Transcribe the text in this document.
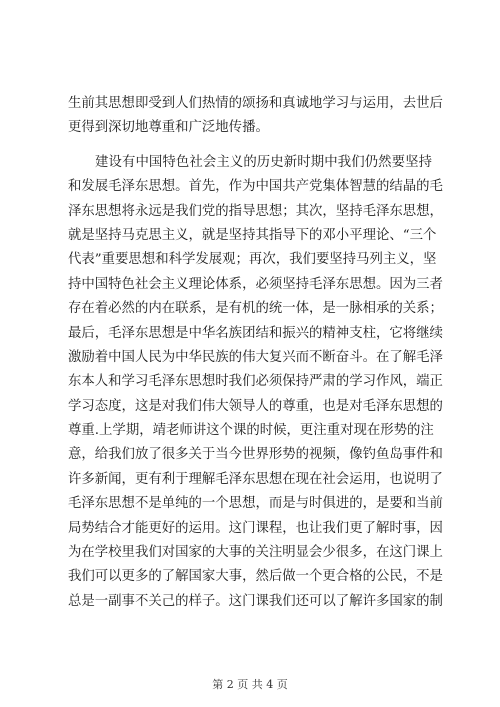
生前其思想即受到人们热情的颂扬和真诚地学习与运用，去世后
更得到深切地尊重和广泛地传播。
建设有中国特色社会主义的历史新时期中我们仍然要坚持
和发展毛泽东思想。首先，作为中国共产党集体智慧的结晶的毛
泽东思想将永远是我们党的指导思想；其次，坚持毛泽东思想，
就是坚持马克思主义，就是坚持其指导下的邓小平理论、“三个
代表”重要思想和科学发展观；再次，我们要坚持马列主义，坚
持中国特色社会主义理论体系，必须坚持毛泽东思想。因为三者
存在着必然的内在联系，是有机的统一体，是一脉相承的关系；
最后，毛泽东思想是中华名族团结和振兴的精神支柱，它将继续
激励着中国人民为中华民族的伟大复兴而不断奋斗。在了解毛泽
东本人和学习毛泽东思想时我们必须保持严肃的学习作风，端正
学习态度，这是对我们伟大领导人的尊重，也是对毛泽东思想的
尊重.上学期，靖老师讲这个课的时候，更注重对现在形势的注
意，给我们放了很多关于当今世界形势的视频，像钓鱼岛事件和
许多新闻，更有利于理解毛泽东思想在现在社会运用，也说明了
毛泽东思想不是单纯的一个思想，而是与时俱进的，是要和当前
局势结合才能更好的运用。这门课程，也让我们更了解时事，因
为在学校里我们对国家的大事的关注明显会少很多，在这门课上
我们可以更多的了解国家大事，然后做一个更合格的公民，不是
总是一副事不关己的样子。这门课我们还可以了解许多国家的制
第 2 页 共 4 页
